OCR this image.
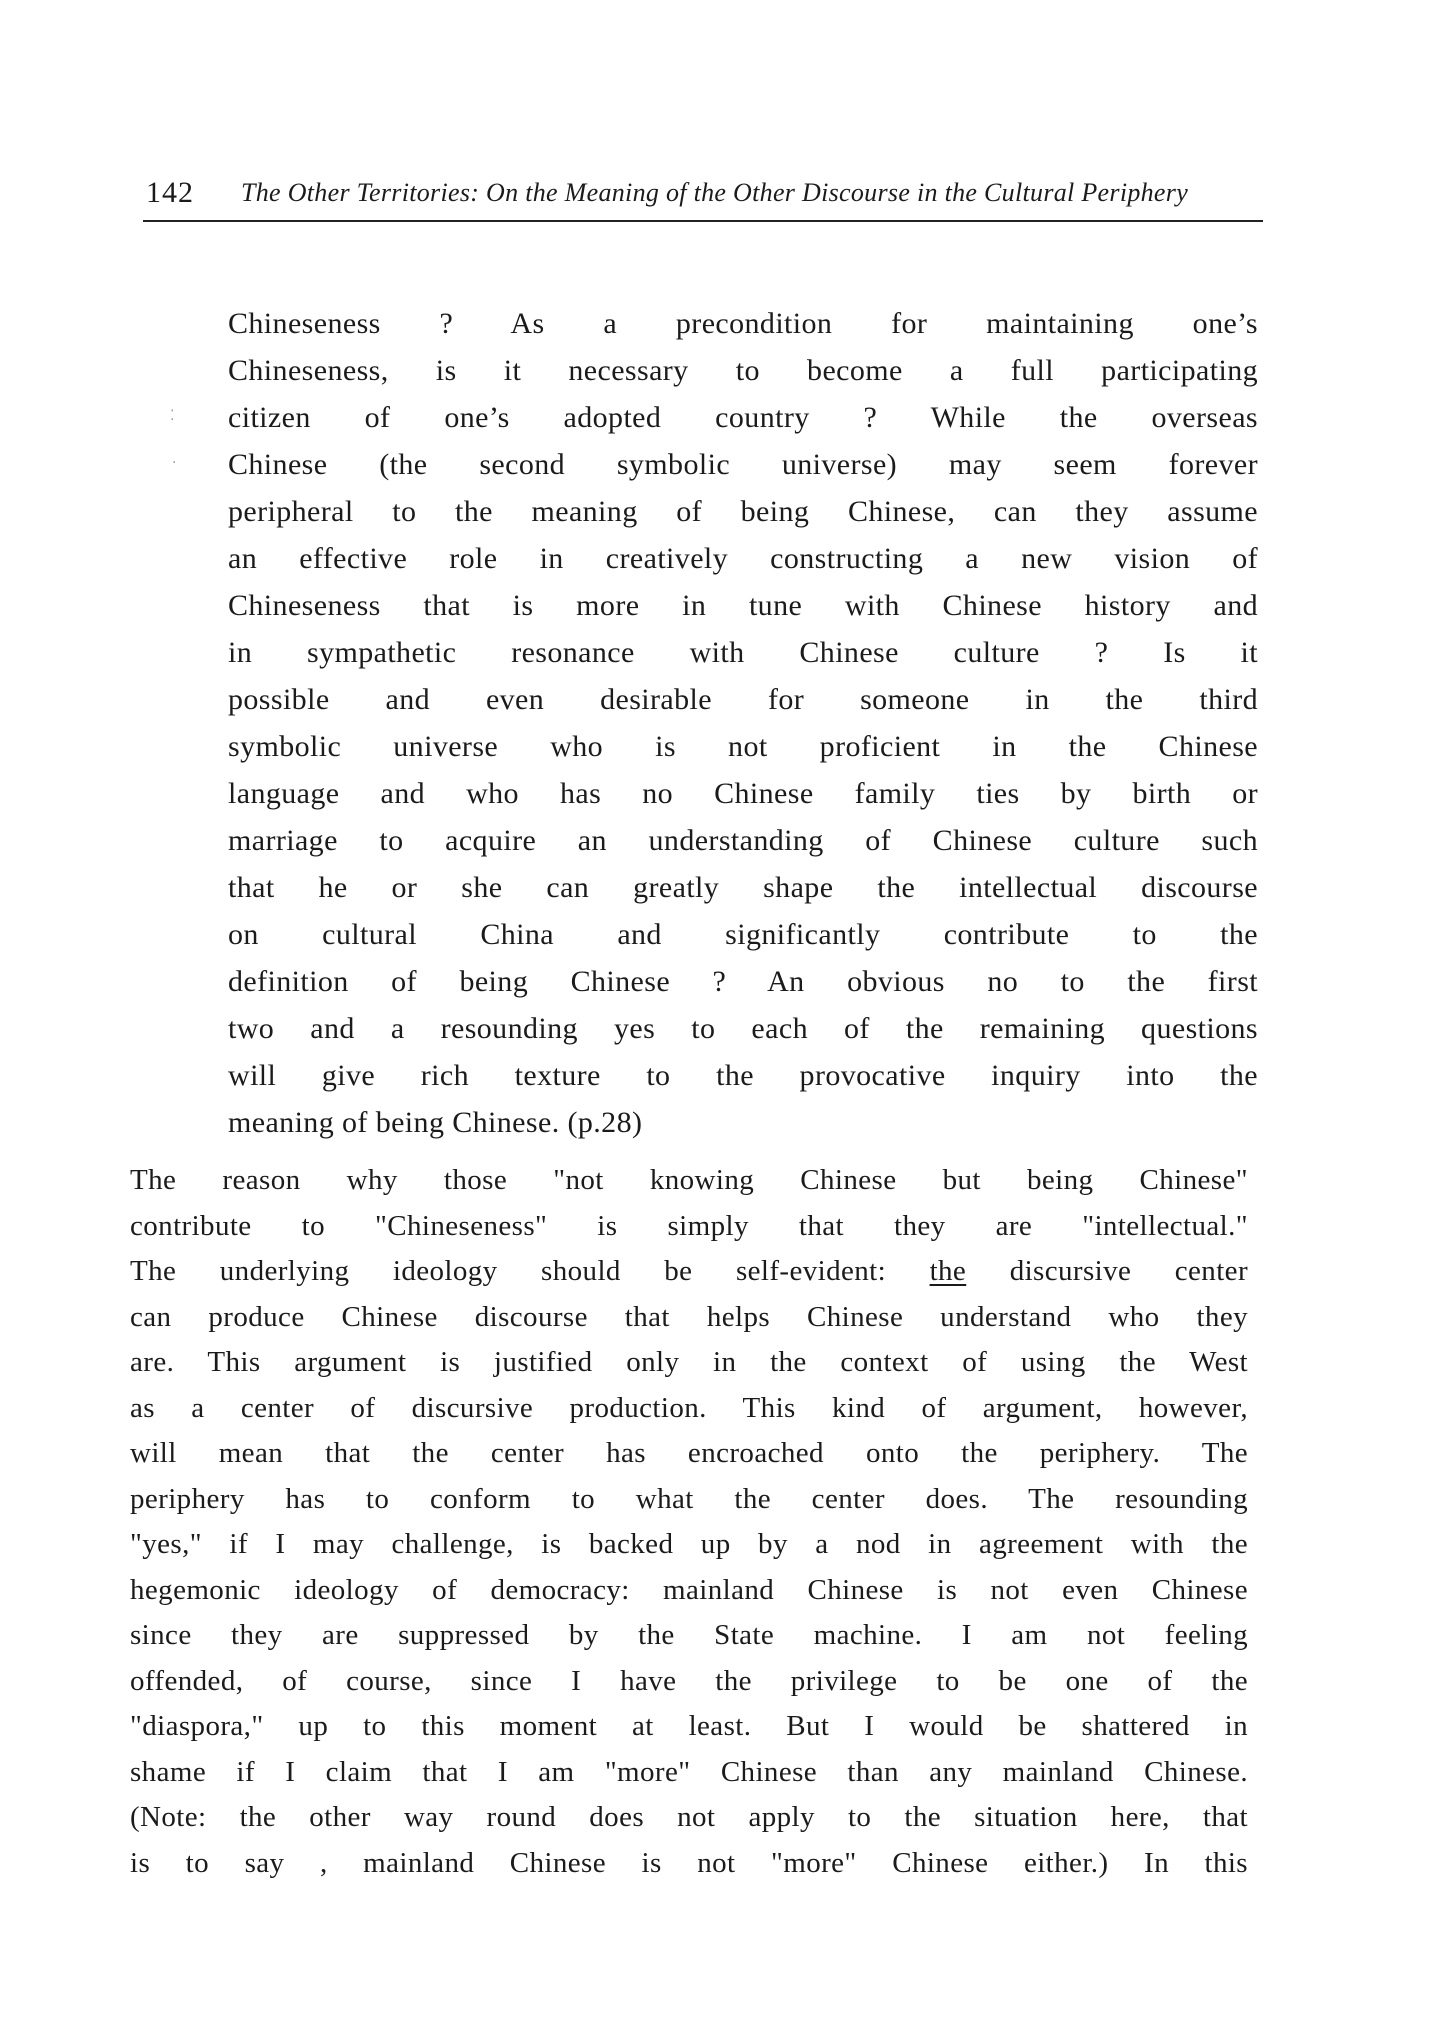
142 The Other Territories: On the Meaning of the Other Discourse in the Cultural Periphery
Chineseness ? As a precondition for maintaining one’s
Chineseness, is it necessary to become a full participating
citizen of one’s adopted country ? While the overseas
Chinese (the second symbolic universe) may seem forever
peripheral to the meaning of being Chinese, can they assume
an effective role in creatively constructing a new vision of
Chineseness that is more in tune with Chinese history and
in sympathetic resonance with Chinese culture ? Is it
possible and even desirable for someone in the third
symbolic universe who is not proficient in the Chinese
language and who has no Chinese family ties by birth or
marriage to acquire an understanding of Chinese culture such
that he or she can greatly shape the intellectual discourse
on cultural China and significantly contribute to the
definition of being Chinese ? An obvious no to the first
two and a resounding yes to each of the remaining questions
will give rich texture to the provocative inquiry into the
meaning of being Chinese. (p.28)
The reason why those "not knowing Chinese but being Chinese"
contribute to "Chineseness" is simply that they are "intellectual."
The underlying ideology should be self-evident: the discursive center
can produce Chinese discourse that helps Chinese understand who they
are. This argument is justified only in the context of using the West
as a center of discursive production. This kind of argument, however,
will mean that the center has encroached onto the periphery. The
periphery has to conform to what the center does. The resounding
"yes," if I may challenge, is backed up by a nod in agreement with the
hegemonic ideology of democracy: mainland Chinese is not even Chinese
since they are suppressed by the State machine. I am not feeling
offended, of course, since I have the privilege to be one of the
"diaspora," up to this moment at least. But I would be shattered in
shame if I claim that I am "more" Chinese than any mainland Chinese.
(Note: the other way round does not apply to the situation here, that
is to say , mainland Chinese is not "more" Chinese either.) In this
⁚
·
